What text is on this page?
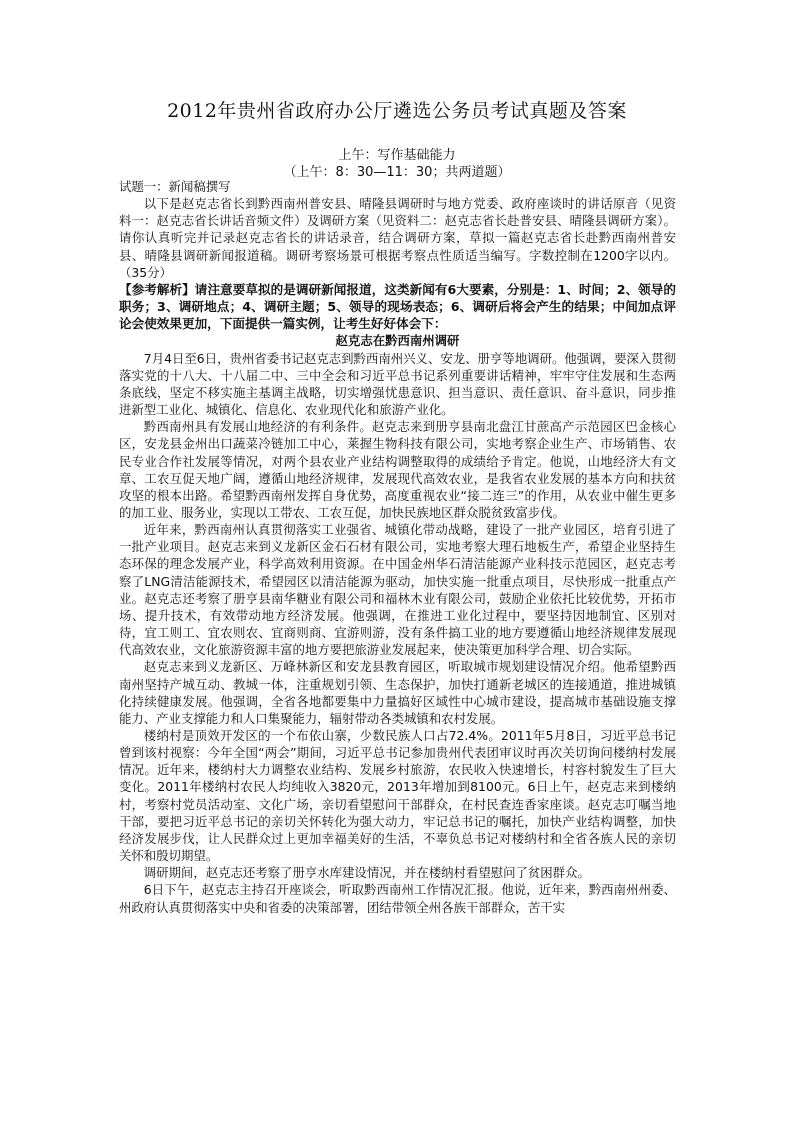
2012年贵州省政府办公厅遴选公务员考试真题及答案
上午：写作基础能力
（上午：8：30—11：30；共两道题）

试题一：新闻稿撰写

以下是赵克志省长到黔西南州普安县、晴隆县调研时与地方党委、政府座谈时的讲话原音（见资料一：赵克志省长讲话音频文件）及调研方案（见资料二：赵克志省长赴普安县、晴隆县调研方案）。请你认真听完并记录赵克志省长的讲话录音，结合调研方案，草拟一篇赵克志省长赴黔西南州普安县、晴隆县调研新闻报道稿。调研考察场景可根据考察点性质适当编写。字数控制在1200字以内。（35分）

【参考解析】请注意要草拟的是调研新闻报道，这类新闻有6大要素，分别是：1、时间；2、领导的职务；3、调研地点；4、调研主题；5、领导的现场表态；6、调研后将会产生的结果；中间加点评论会使效果更加，下面提供一篇实例，让考生好好体会下：

赵克志在黔西南州调研

7月4日至6日，贵州省委书记赵克志到黔西南州兴义、安龙、册亨等地调研。他强调，要深入贯彻落实党的十八大、十八届二中、三中全会和习近平总书记系列重要讲话精神，牢牢守住发展和生态两条底线，坚定不移实施主基调主战略，切实增强忧患意识、担当意识、责任意识、奋斗意识，同步推进新型工业化、城镇化、信息化、农业现代化和旅游产业化。

黔西南州具有发展山地经济的有利条件。赵克志来到册亨县南北盘江甘蔗高产示范园区巴金核心区，安龙县金州出口蔬菜冷链加工中心，莱握生物科技有限公司，实地考察企业生产、市场销售、农民专业合作社发展等情况，对两个县农业产业结构调整取得的成绩给予肯定。他说，山地经济大有文章、工农互促天地广阔，遵循山地经济规律，发展现代高效农业，是我省农业发展的基本方向和扶贫攻坚的根本出路。希望黔西南州发挥自身优势，高度重视农业“接二连三”的作用，从农业中催生更多的加工业、服务业，实现以工带农、工农互促，加快民族地区群众脱贫致富步伐。

近年来，黔西南州认真贯彻落实工业强省、城镇化带动战略，建设了一批产业园区，培育引进了一批产业项目。赵克志来到义龙新区金石石材有限公司，实地考察大理石地板生产，希望企业坚持生态环保的理念发展产业，科学高效利用资源。在中国金州华石清洁能源产业科技示范园区，赵克志考察了LNG清洁能源技术，希望园区以清洁能源为驱动，加快实施一批重点项目，尽快形成一批重点产业。赵克志还考察了册亨县南华糖业有限公司和福林木业有限公司，鼓励企业依托比较优势，开拓市场、提升技术，有效带动地方经济发展。他强调，在推进工业化过程中，要坚持因地制宜、区别对待，宜工则工、宜农则农、宜商则商、宜游则游，没有条件搞工业的地方要遵循山地经济规律发展现代高效农业，文化旅游资源丰富的地方要把旅游业发展起来，使决策更加科学合理、切合实际。

赵克志来到义龙新区、万峰林新区和安龙县教育园区，听取城市规划建设情况介绍。他希望黔西南州坚持产城互动、教城一体，注重规划引领、生态保护，加快打通新老城区的连接通道，推进城镇化持续健康发展。他强调，全省各地都要集中力量搞好区域性中心城市建设，提高城市基础设施支撑能力、产业支撑能力和人口集聚能力，辐射带动各类城镇和农村发展。

楼纳村是顶效开发区的一个布依山寨，少数民族人口占72.4%。2011年5月8日，习近平总书记曾到该村视察：今年全国“两会”期间，习近平总书记参加贵州代表团审议时再次关切询问楼纳村发展情况。近年来，楼纳村大力调整农业结构、发展乡村旅游，农民收入快速增长，村容村貌发生了巨大变化。2011年楼纳村农民人均纯收入3820元，2013年增加到8100元。6日上午，赵克志来到楼纳村，考察村党员活动室、文化广场，亲切看望慰问干部群众，在村民查连香家座谈。赵克志叮嘱当地干部，要把习近平总书记的亲切关怀转化为强大动力，牢记总书记的嘱托，加快产业结构调整，加快经济发展步伐，让人民群众过上更加幸福美好的生活，不辜负总书记对楼纳村和全省各族人民的亲切关怀和殷切期望。

调研期间，赵克志还考察了册亨水库建设情况，并在楼纳村看望慰问了贫困群众。

6日下午，赵克志主持召开座谈会，听取黔西南州工作情况汇报。他说，近年来，黔西南州州委、州政府认真贯彻落实中央和省委的决策部署，团结带领全州各族干部群众，苦干实
